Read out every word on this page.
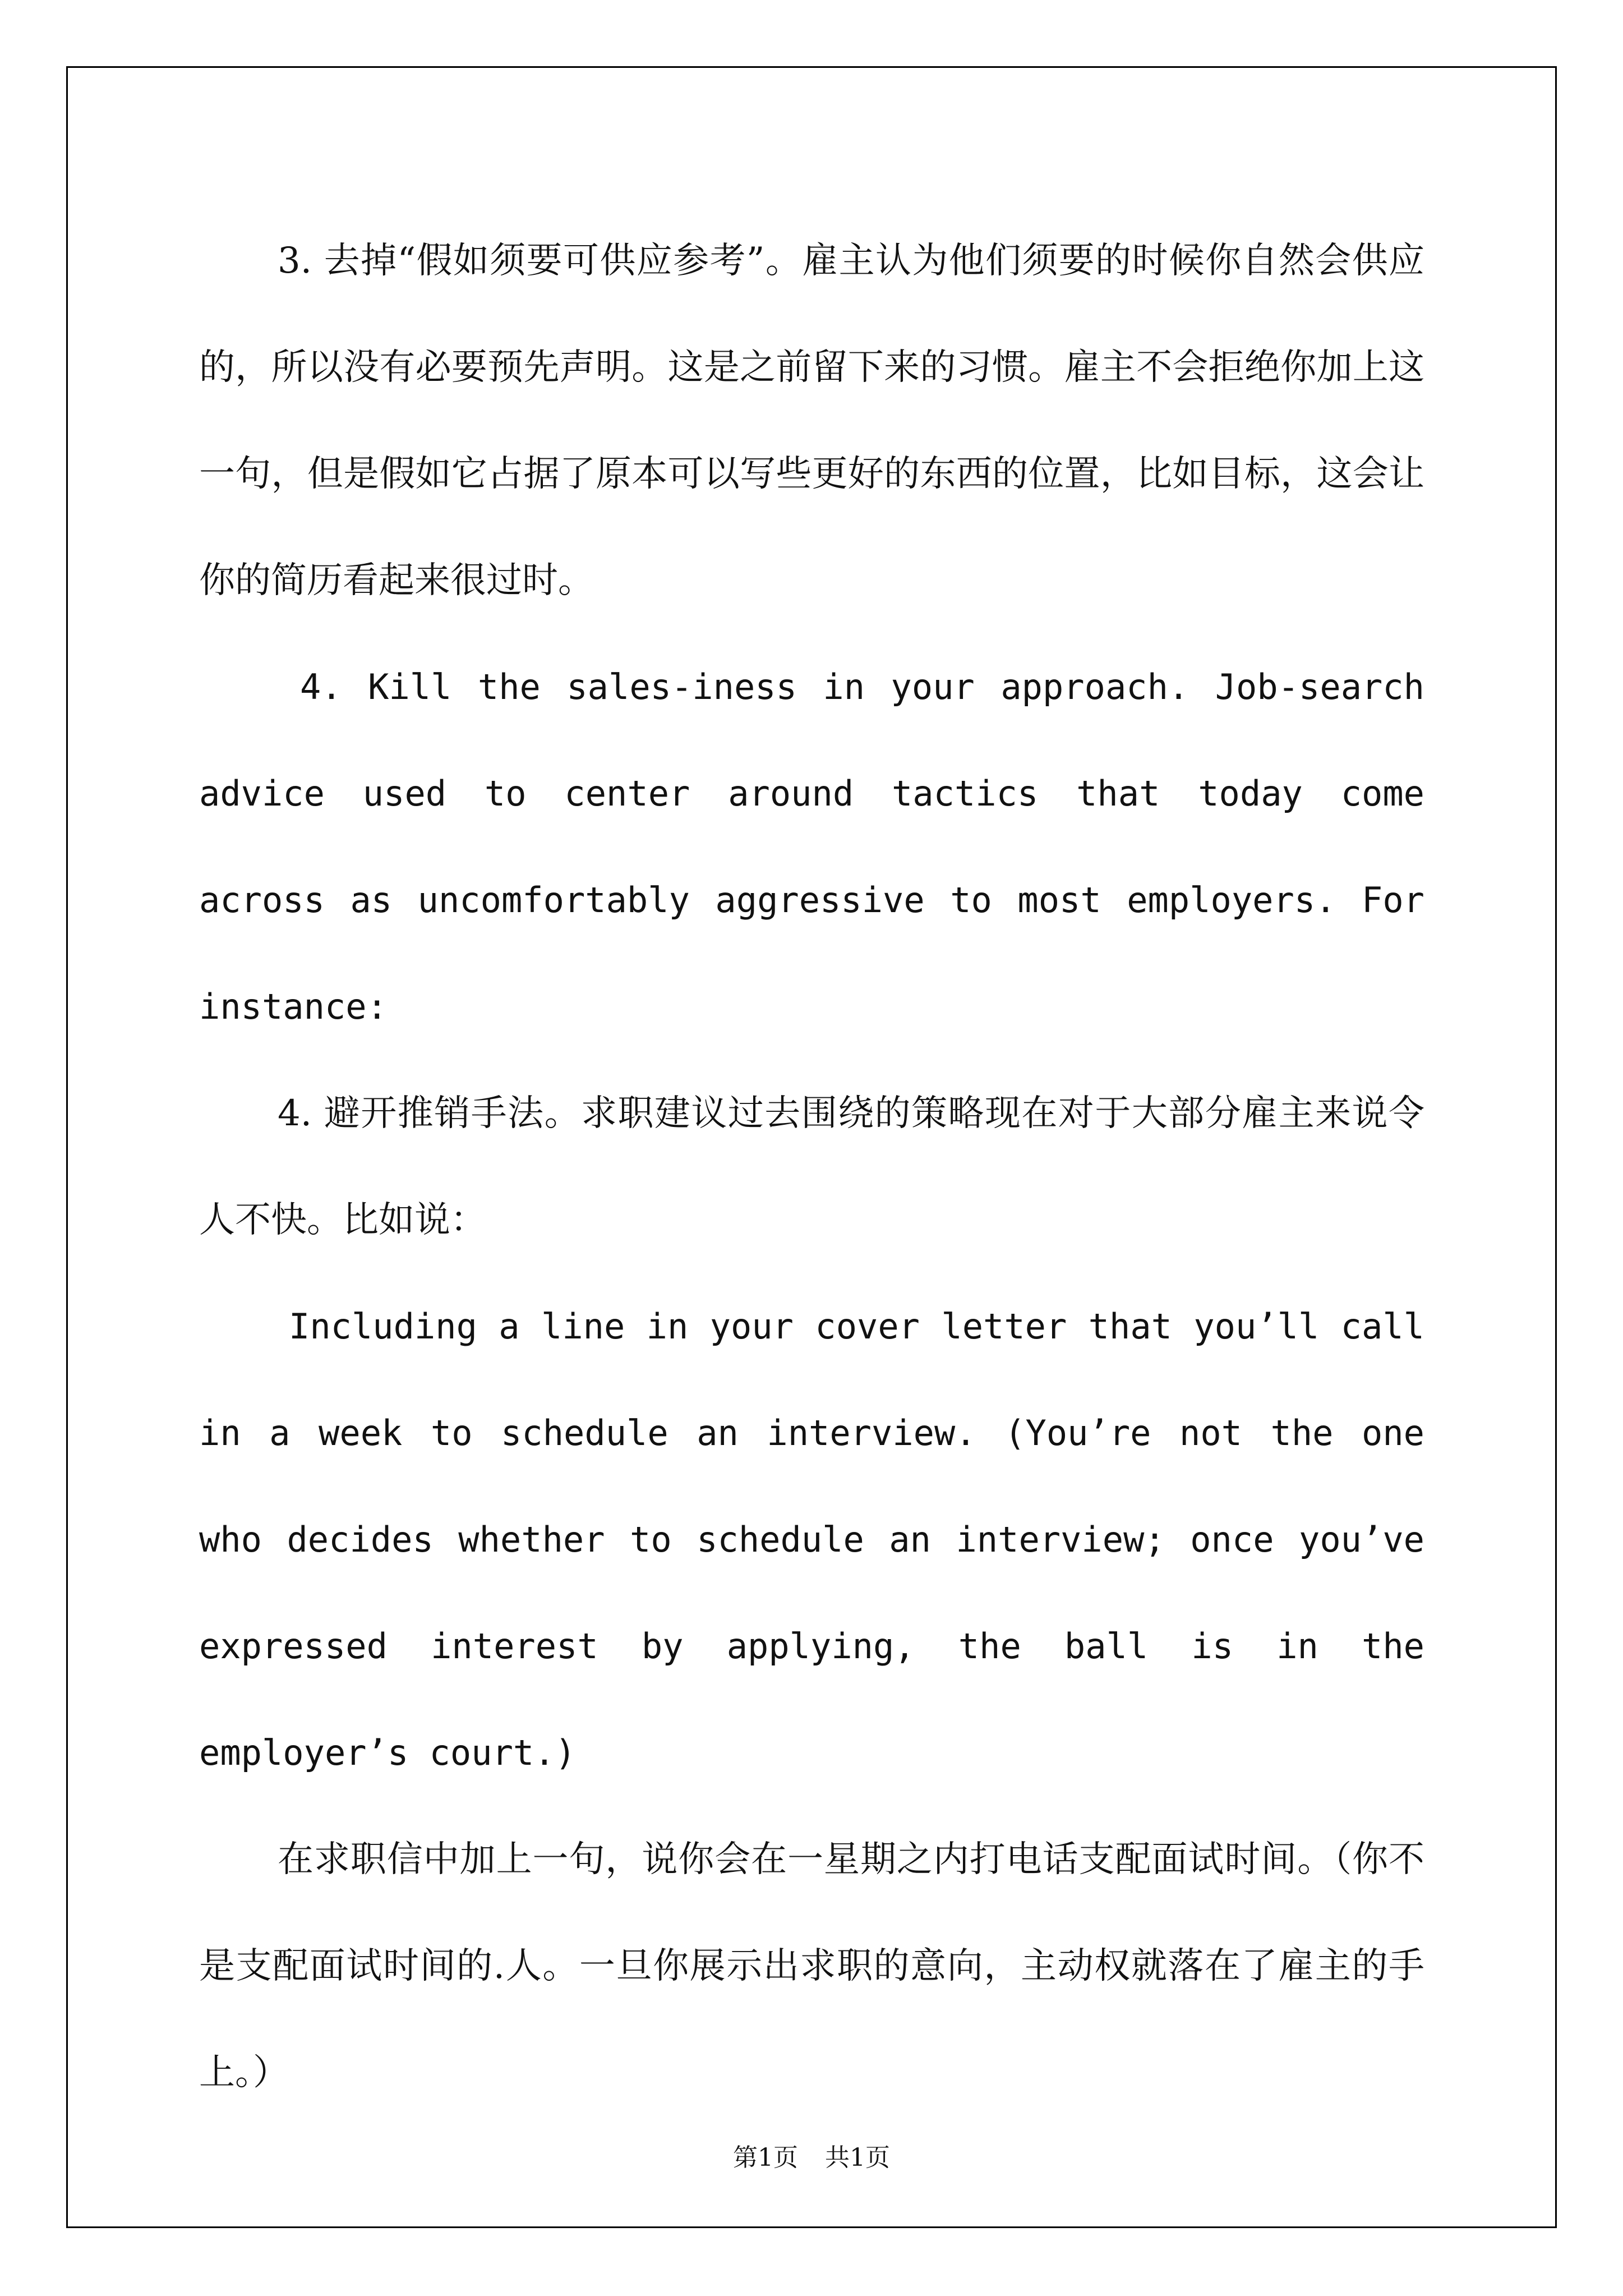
3. 去掉“假如须要可供应参考”。雇主认为他们须要的时候你自然会供应的，所以没有必要预先声明。这是之前留下来的习惯。雇主不会拒绝你加上这一句，但是假如它占据了原本可以写些更好的东西的位置，比如目标，这会让你的简历看起来很过时。

4. Kill the sales-iness in your approach. Job-search advice used to center around tactics that today come across as uncomfortably aggressive to most employers. For instance:

4. 避开推销手法。求职建议过去围绕的策略现在对于大部分雇主来说令人不快。比如说：

Including a line in your cover letter that you’ll call in a week to schedule an interview. (You’re not the one who decides whether to schedule an interview; once you’ve expressed interest by applying, the ball is in the employer’s court.)

在求职信中加上一句，说你会在一星期之内打电话支配面试时间。（你不是支配面试时间的.人。一旦你展示出求职的意向，主动权就落在了雇主的手上。）

第1页 共1页
